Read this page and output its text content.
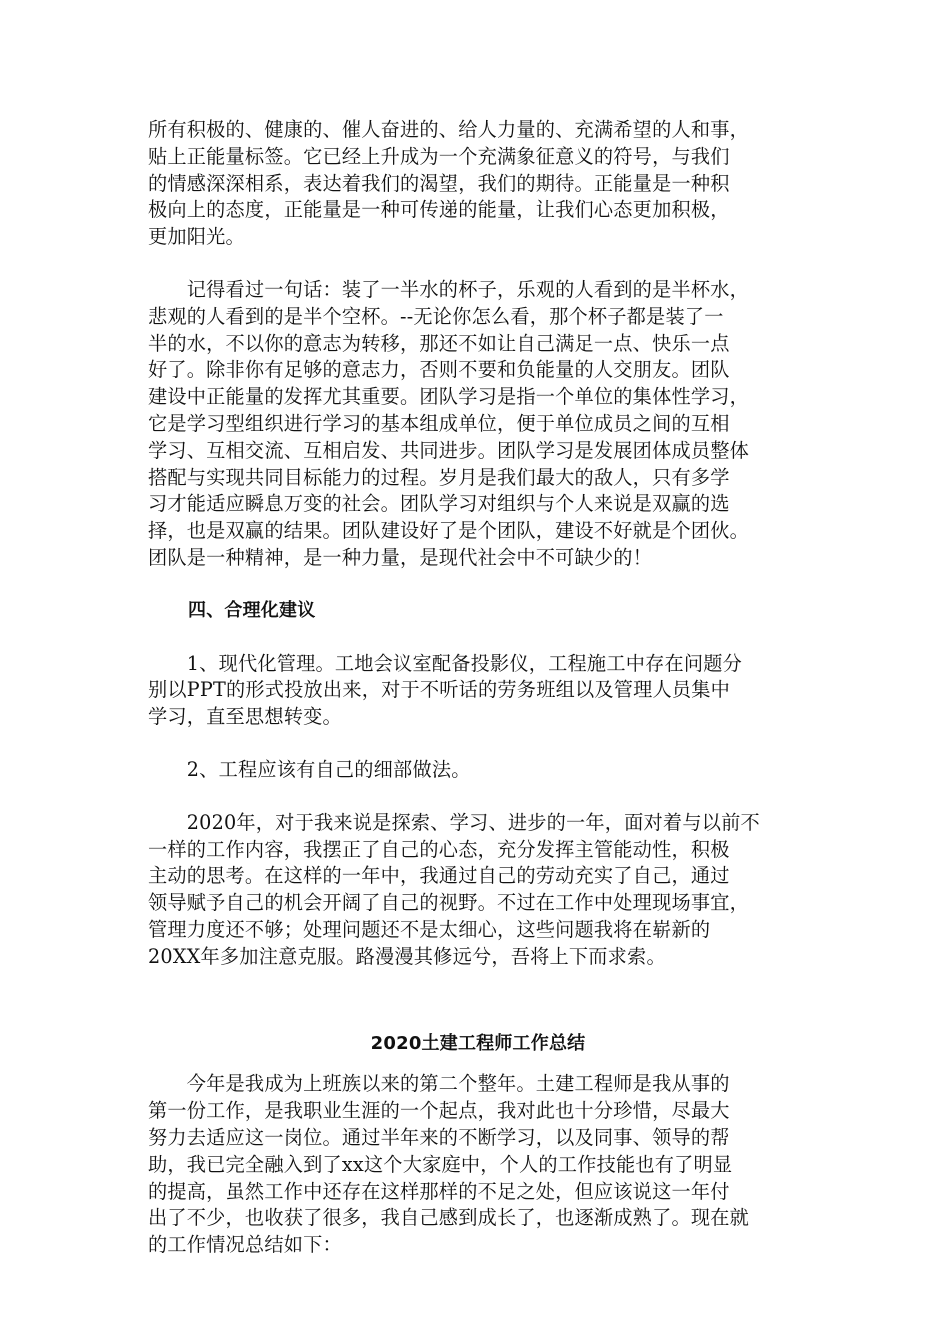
所有积极的、健康的、催人奋进的、给人力量的、充满希望的人和事，
贴上正能量标签。它已经上升成为一个充满象征意义的符号，与我们
的情感深深相系，表达着我们的渴望，我们的期待。正能量是一种积
极向上的态度，正能量是一种可传递的能量，让我们心态更加积极，
更加阳光。

　　记得看过一句话：装了一半水的杯子，乐观的人看到的是半杯水，
悲观的人看到的是半个空杯。--无论你怎么看，那个杯子都是装了一
半的水，不以你的意志为转移，那还不如让自己满足一点、快乐一点
好了。除非你有足够的意志力，否则不要和负能量的人交朋友。团队
建设中正能量的发挥尤其重要。团队学习是指一个单位的集体性学习，
它是学习型组织进行学习的基本组成单位，便于单位成员之间的互相
学习、互相交流、互相启发、共同进步。团队学习是发展团体成员整体
搭配与实现共同目标能力的过程。岁月是我们最大的敌人，只有多学
习才能适应瞬息万变的社会。团队学习对组织与个人来说是双赢的选
择，也是双赢的结果。团队建设好了是个团队，建设不好就是个团伙。
团队是一种精神，是一种力量，是现代社会中不可缺少的！

四、合理化建议

　　1、现代化管理。工地会议室配备投影仪，工程施工中存在问题分
别以PPT的形式投放出来，对于不听话的劳务班组以及管理人员集中
学习，直至思想转变。

　　2、工程应该有自己的细部做法。

　　2020年，对于我来说是探索、学习、进步的一年，面对着与以前不
一样的工作内容，我摆正了自己的心态，充分发挥主管能动性，积极
主动的思考。在这样的一年中，我通过自己的劳动充实了自己，通过
领导赋予自己的机会开阔了自己的视野。不过在工作中处理现场事宜，
管理力度还不够；处理问题还不是太细心，这些问题我将在崭新的
20XX年多加注意克服。路漫漫其修远兮，吾将上下而求索。

2020土建工程师工作总结

　　今年是我成为上班族以来的第二个整年。土建工程师是我从事的
第一份工作，是我职业生涯的一个起点，我对此也十分珍惜，尽最大
努力去适应这一岗位。通过半年来的不断学习，以及同事、领导的帮
助，我已完全融入到了xx这个大家庭中，个人的工作技能也有了明显
的提高，虽然工作中还存在这样那样的不足之处，但应该说这一年付
出了不少，也收获了很多，我自己感到成长了，也逐渐成熟了。现在就
的工作情况总结如下：
